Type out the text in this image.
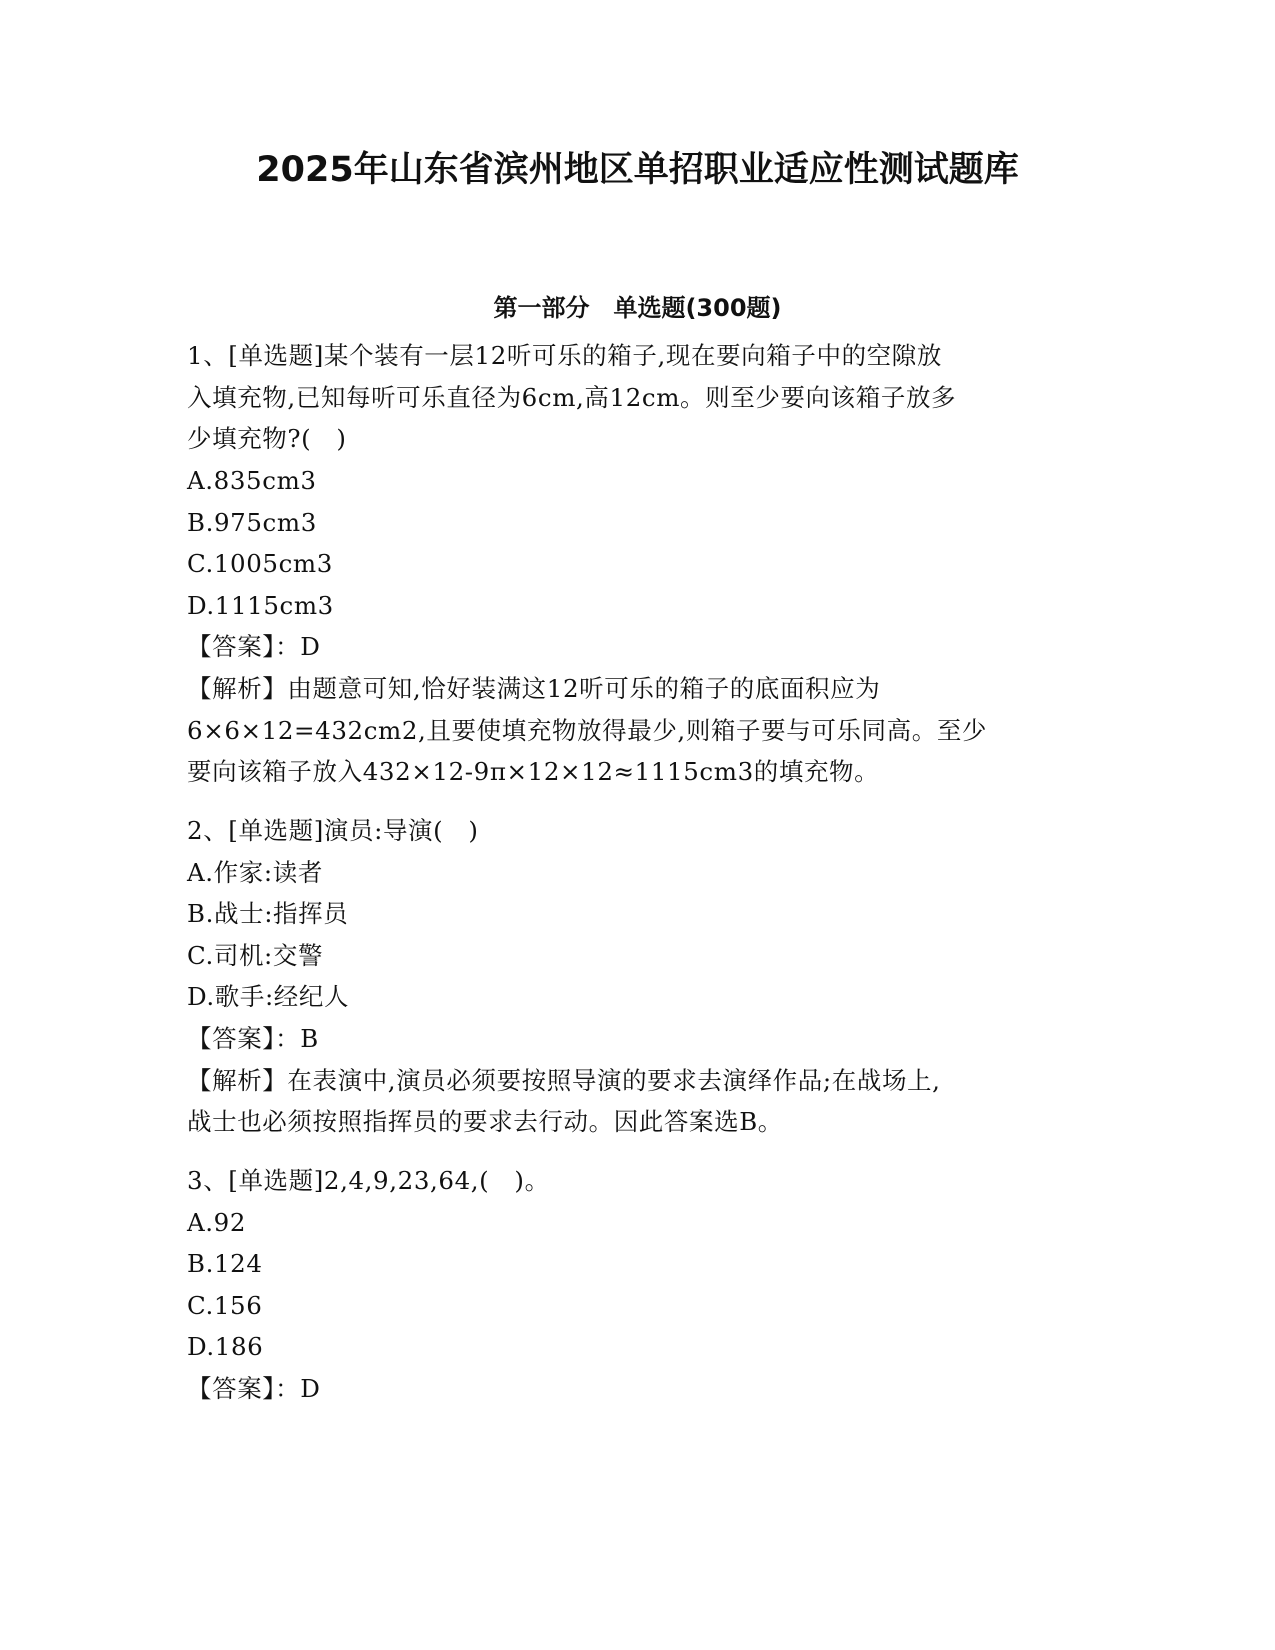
2025年山东省滨州地区单招职业适应性测试题库
第一部分　单选题(300题)
1、[单选题]某个装有一层12听可乐的箱子,现在要向箱子中的空隙放
入填充物,已知每听可乐直径为6cm,高12cm。则至少要向该箱子放多
少填充物?(　)
A.835cm3
B.975cm3
C.1005cm3
D.1115cm3
【答案】：D
【解析】由题意可知,恰好装满这12听可乐的箱子的底面积应为
6×6×12=432cm2,且要使填充物放得最少,则箱子要与可乐同高。至少
要向该箱子放入432×12-9π×12×12≈1115cm3的填充物。
2、[单选题]演员:导演(　)
A.作家:读者
B.战士:指挥员
C.司机:交警
D.歌手:经纪人
【答案】：B
【解析】在表演中,演员必须要按照导演的要求去演绎作品;在战场上,
战士也必须按照指挥员的要求去行动。因此答案选B。
3、[单选题]2,4,9,23,64,(　)。
A.92
B.124
C.156
D.186
【答案】：D
